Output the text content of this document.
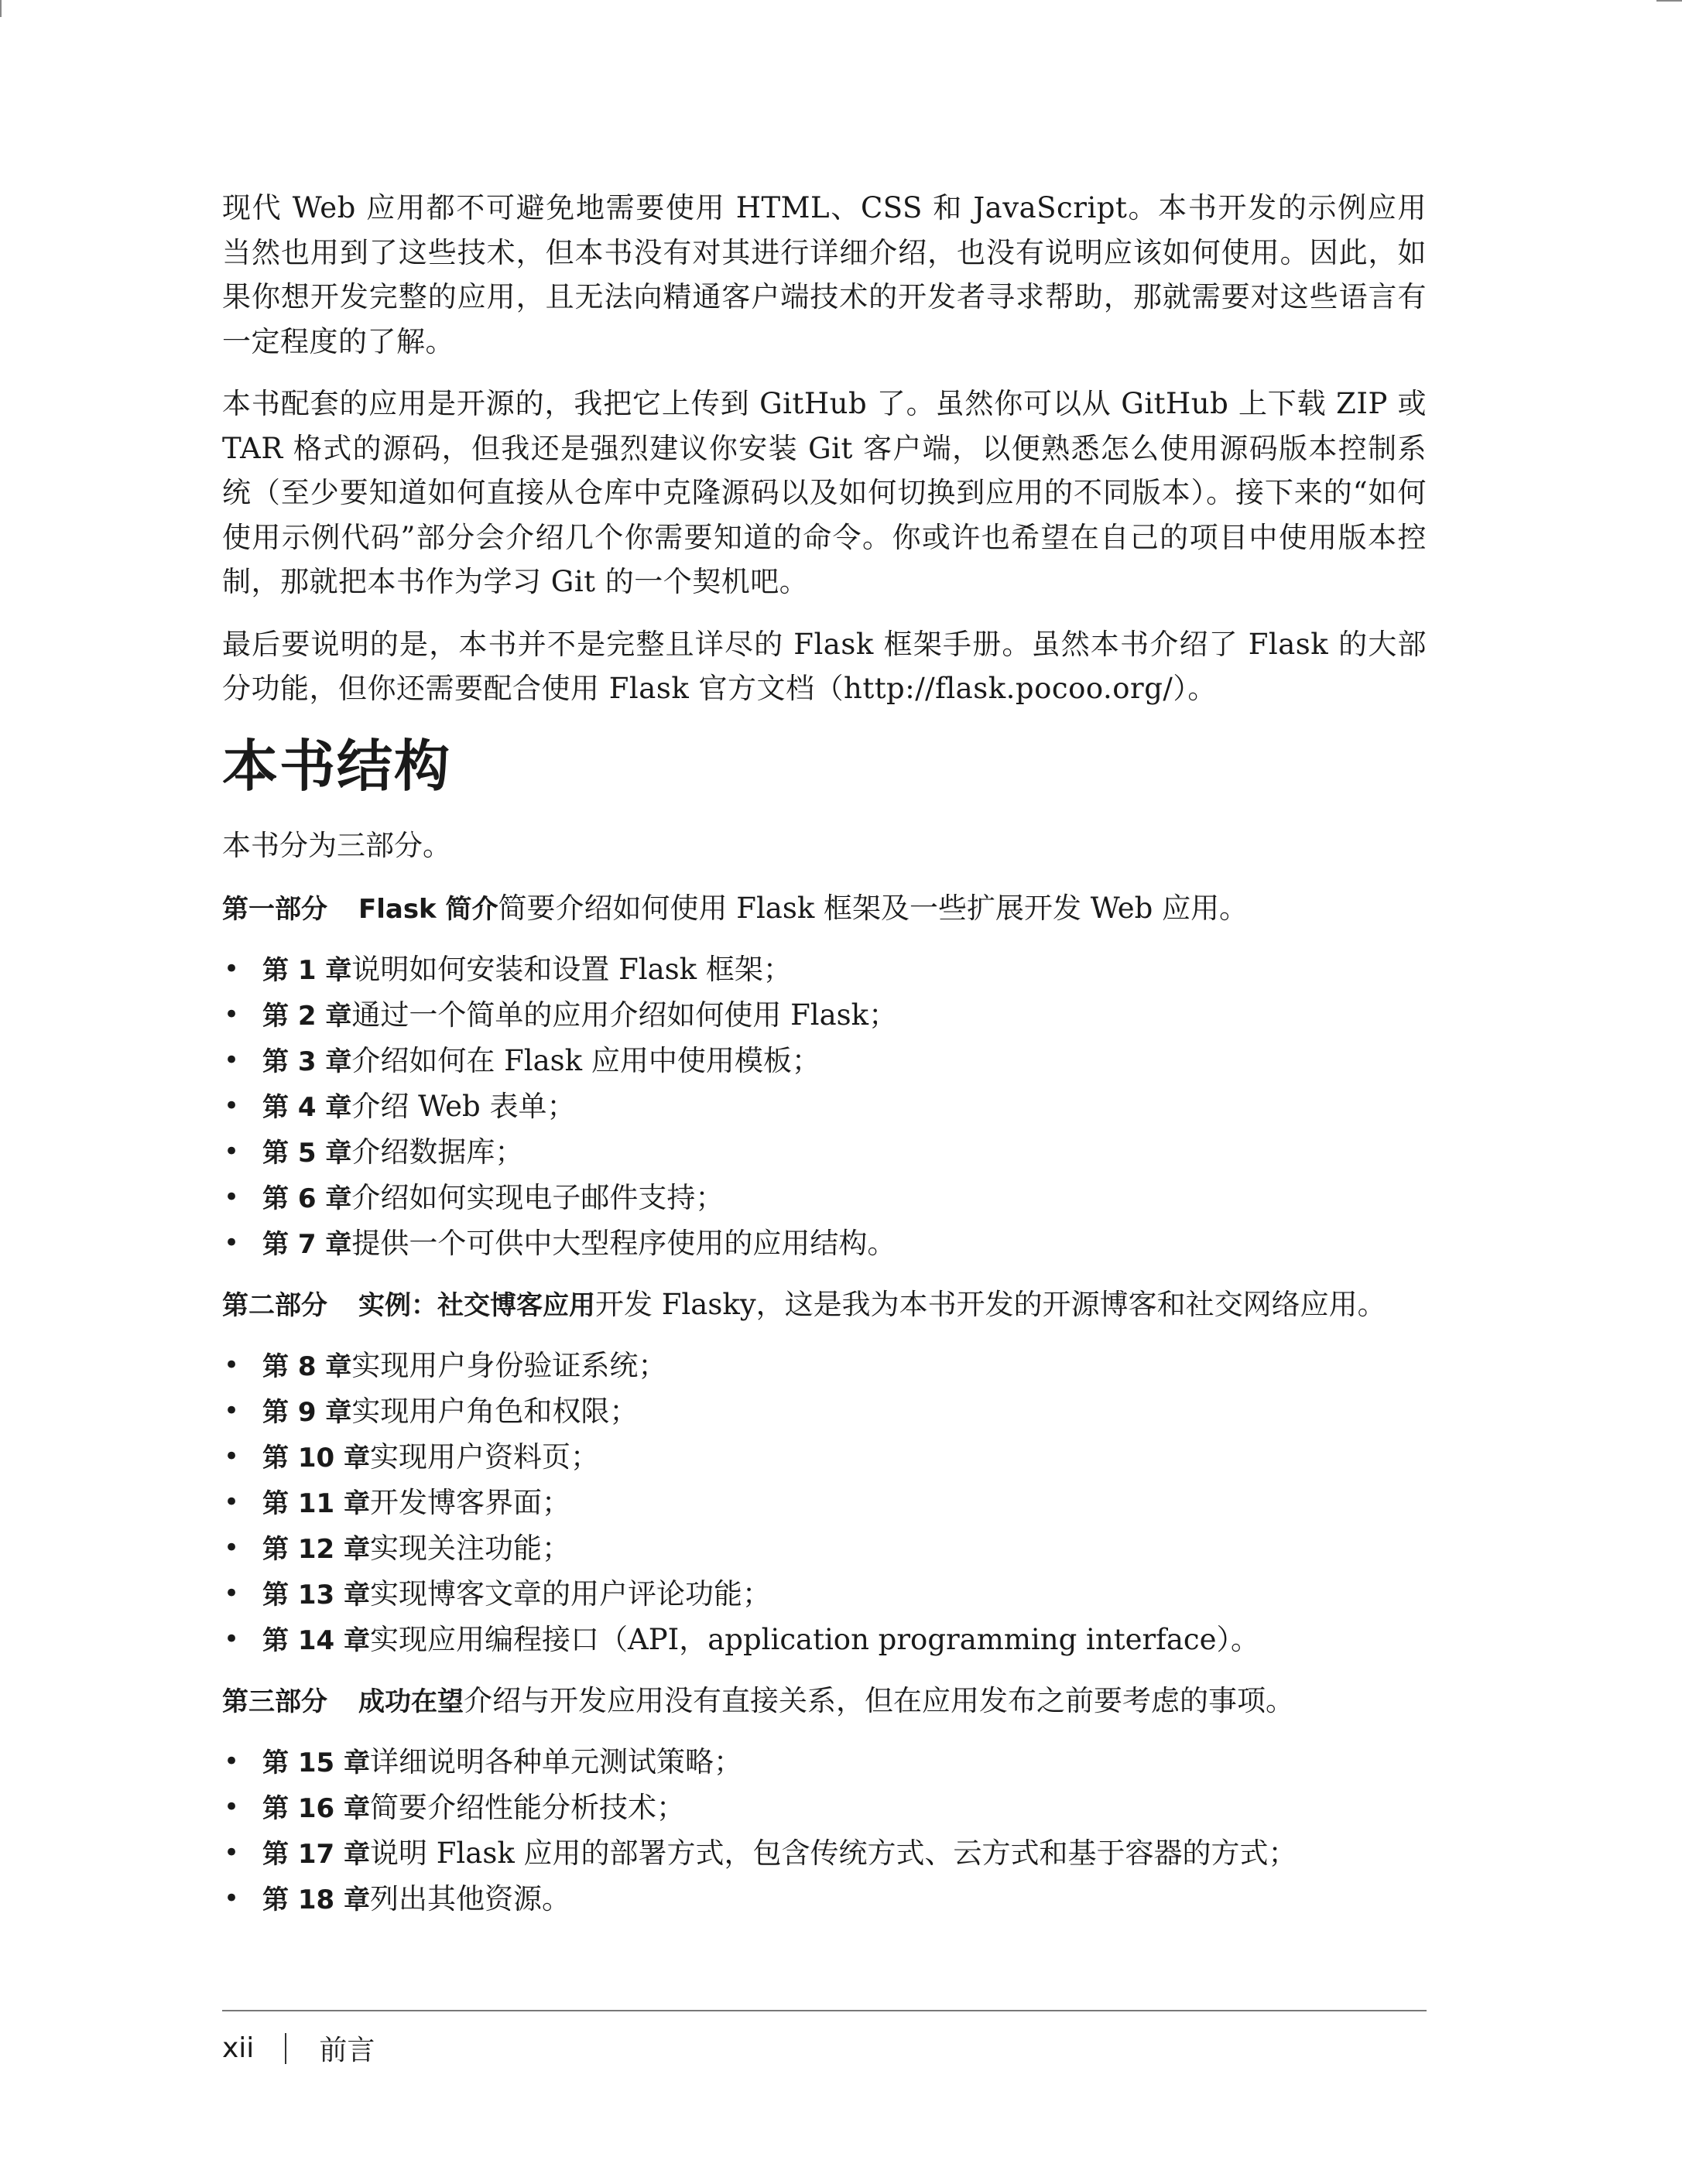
现代 Web 应用都不可避免地需要使用 HTML、CSS 和 JavaScript。本书开发的示例应用当然也用到了这些技术，但本书没有对其进行详细介绍，也没有说明应该如何使用。因此，如果你想开发完整的应用，且无法向精通客户端技术的开发者寻求帮助，那就需要对这些语言有一定程度的了解。

本书配套的应用是开源的，我把它上传到 GitHub 了。虽然你可以从 GitHub 上下载 ZIP 或 TAR 格式的源码，但我还是强烈建议你安装 Git 客户端，以便熟悉怎么使用源码版本控制系统（至少要知道如何直接从仓库中克隆源码以及如何切换到应用的不同版本）。接下来的“如何使用示例代码”部分会介绍几个你需要知道的命令。你或许也希望在自己的项目中使用版本控制，那就把本书作为学习 Git 的一个契机吧。

最后要说明的是，本书并不是完整且详尽的 Flask 框架手册。虽然本书介绍了 Flask 的大部分功能，但你还需要配合使用 Flask 官方文档（http://flask.pocoo.org/）。

本书结构

本书分为三部分。

第一部分 Flask 简介简要介绍如何使用 Flask 框架及一些扩展开发 Web 应用。

• 第 1 章说明如何安装和设置 Flask 框架；
• 第 2 章通过一个简单的应用介绍如何使用 Flask；
• 第 3 章介绍如何在 Flask 应用中使用模板；
• 第 4 章介绍 Web 表单；
• 第 5 章介绍数据库；
• 第 6 章介绍如何实现电子邮件支持；
• 第 7 章提供一个可供中大型程序使用的应用结构。

第二部分 实例：社交博客应用开发 Flasky，这是我为本书开发的开源博客和社交网络应用。

• 第 8 章实现用户身份验证系统；
• 第 9 章实现用户角色和权限；
• 第 10 章实现用户资料页；
• 第 11 章开发博客界面；
• 第 12 章实现关注功能；
• 第 13 章实现博客文章的用户评论功能；
• 第 14 章实现应用编程接口（API，application programming interface）。

第三部分 成功在望介绍与开发应用没有直接关系，但在应用发布之前要考虑的事项。

• 第 15 章详细说明各种单元测试策略；
• 第 16 章简要介绍性能分析技术；
• 第 17 章说明 Flask 应用的部署方式，包含传统方式、云方式和基于容器的方式；
• 第 18 章列出其他资源。
xii 前言
